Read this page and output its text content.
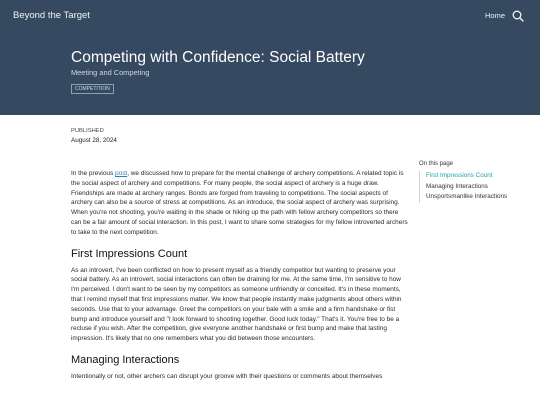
Beyond the Target	Home
Competing with Confidence: Social Battery
Meeting and Competing
COMPETITION
PUBLISHED
August 28, 2024

In the previous post, we discussed how to prepare for the mental challenge of archery competitions. A related topic is the social aspect of archery and competitions. For many people, the social aspect of archery is a huge draw. Friendships are made at archery ranges. Bonds are forged from traveling to competitions. The social aspects of archery can also be a source of stress at competitions. As an introduce, the social aspect of archery was surprising. When you're not shooting, you're waiting in the shade or hiking up the path with fellow archery competitors so there can be a fair amount of social interaction. In this post, I want to share some strategies for my fellow introverted archers to take to the next competition.

First Impressions Count

As an introvert, I've been conflicted on how to present myself as a friendly competitor but wanting to preserve your social battery. As an introvert, social interactions can often be draining for me. At the same time, I'm sensitive to how I'm perceived. I don't want to be seen by my competitors as someone unfriendly or conceited. It's in these moments, that I remind myself that first impressions matter. We know that people instantly make judgments about others within seconds. Use that to your advantage. Greet the competitors on your bale with a smile and a firm handshake or fist bump and introduce yourself and "I look forward to shooting together. Good luck today." That's it. You're free to be a recluse if you wish. After the competition, give everyone another handshake or first bump and make that lasting impression. It's likely that no one remembers what you did between those encounters.

Managing Interactions

Intentionally or not, other archers can disrupt your groove with their questions or comments about themselves

On this page
First Impressions Count
Managing Interactions
Unsportsmanlike Interactions
